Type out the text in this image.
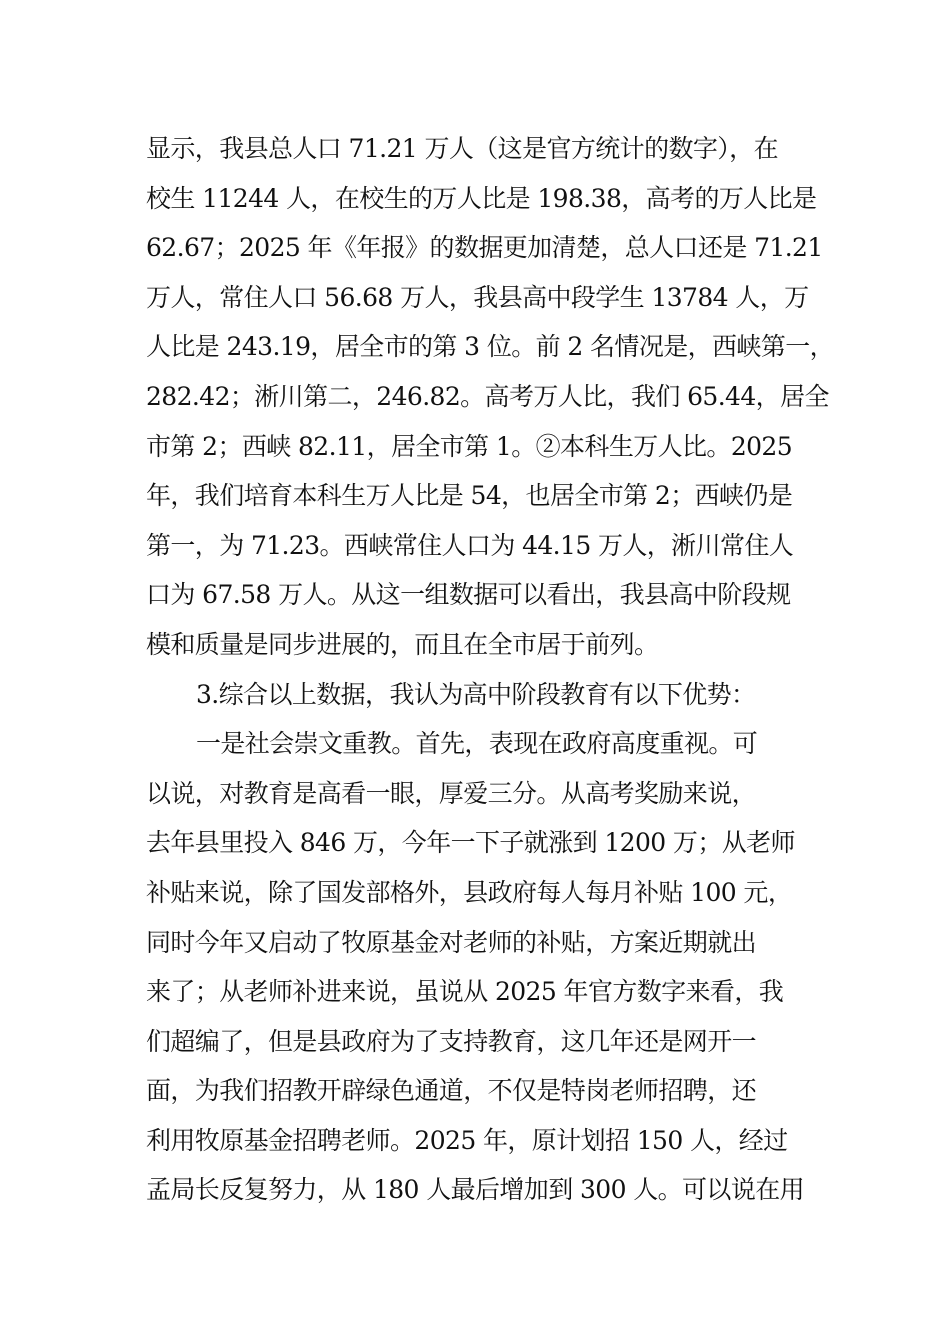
显示，我县总人口 71.21 万人（这是官方统计的数字），在
校生 11244 人，在校生的万人比是 198.38，高考的万人比是
62.67；2025 年《年报》的数据更加清楚，总人口还是 71.21
万人，常住人口 56.68 万人，我县高中段学生 13784 人，万
人比是 243.19，居全市的第 3 位。前 2 名情况是，西峡第一，
282.42；淅川第二，246.82。高考万人比，我们 65.44，居全
市第 2；西峡 82.11，居全市第 1。②本科生万人比。2025
年，我们培育本科生万人比是 54，也居全市第 2；西峡仍是
第一，为 71.23。西峡常住人口为 44.15 万人，淅川常住人
口为 67.58 万人。从这一组数据可以看出，我县高中阶段规
模和质量是同步进展的，而且在全市居于前列。
3.综合以上数据，我认为高中阶段教育有以下优势：
一是社会崇文重教。首先，表现在政府高度重视。可
以说，对教育是高看一眼，厚爱三分。从高考奖励来说，
去年县里投入 846 万，今年一下子就涨到 1200 万；从老师
补贴来说，除了国发部格外，县政府每人每月补贴 100 元，
同时今年又启动了牧原基金对老师的补贴，方案近期就出
来了；从老师补进来说，虽说从 2025 年官方数字来看，我
们超编了，但是县政府为了支持教育，这几年还是网开一
面，为我们招教开辟绿色通道，不仅是特岗老师招聘，还
利用牧原基金招聘老师。2025 年，原计划招 150 人，经过
孟局长反复努力，从 180 人最后增加到 300 人。可以说在用
